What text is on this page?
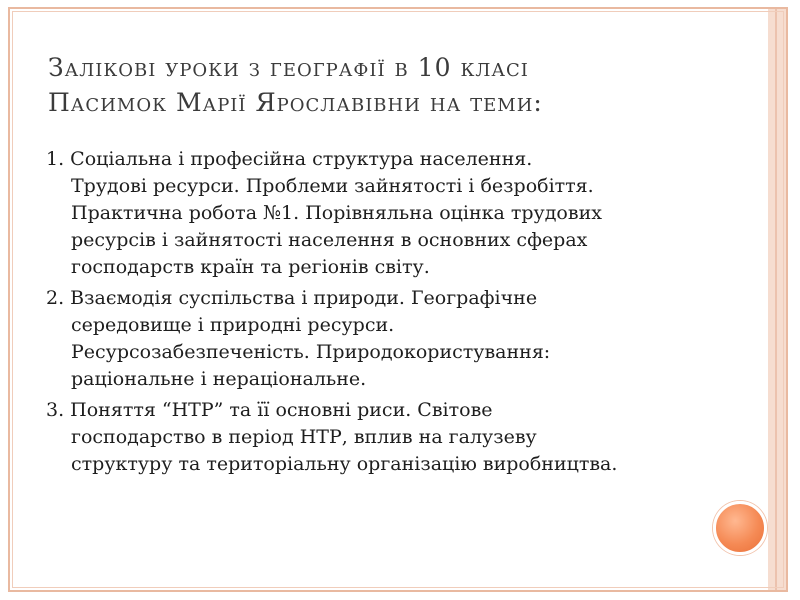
Залікові уроки з географії в 10 класі
Пасимок Марії Ярославівни на теми:
1. Соціальна і професійна структура населення.
Трудові ресурси. Проблеми зайнятості і безробіття.
Практична робота №1. Порівняльна оцінка трудових
ресурсів і зайнятості населення в основних сферах
господарств країн та регіонів світу.
2. Взаємодія суспільства і природи. Географічне
середовище і природні ресурси.
Ресурсозабезпеченість. Природокористування:
раціональне і нераціональне.
3. Поняття “НТР” та її основні риси. Світове
господарство в період НТР, вплив на галузеву
структуру та територіальну організацію виробництва.
